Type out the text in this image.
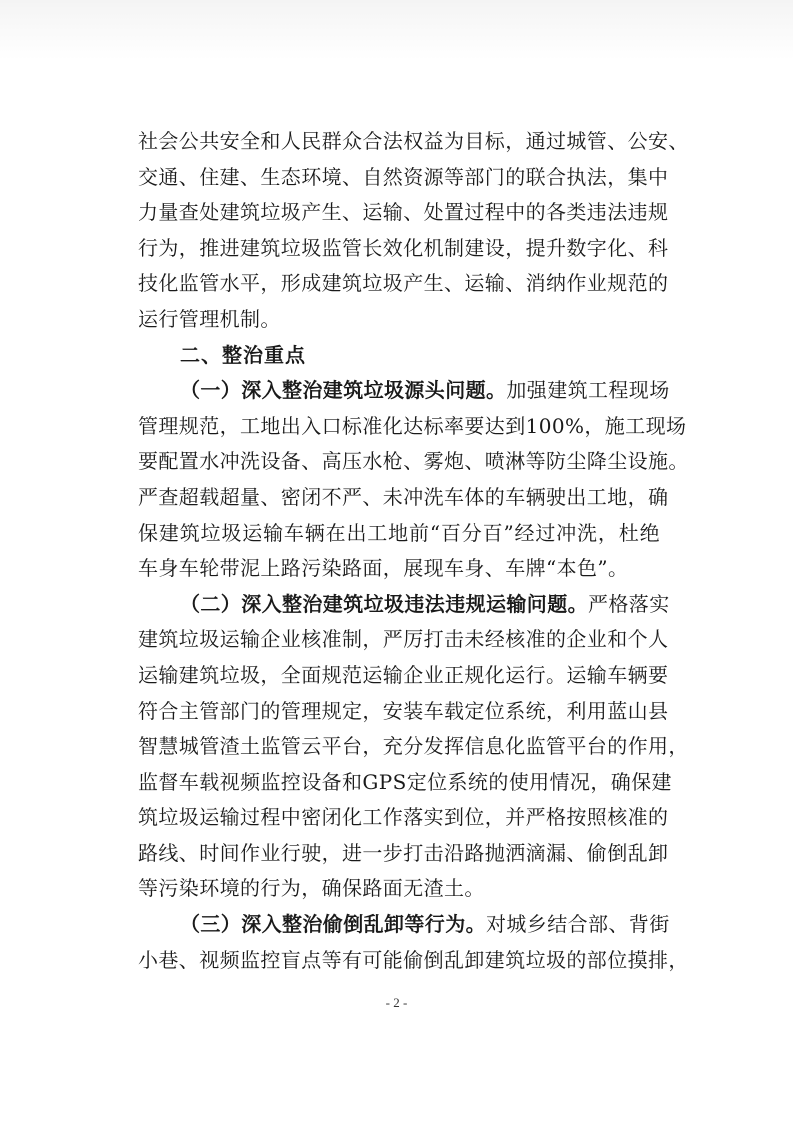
社会公共安全和人民群众合法权益为目标，通过城管、公安、
交通、住建、生态环境、自然资源等部门的联合执法，集中
力量查处建筑垃圾产生、运输、处置过程中的各类违法违规
行为，推进建筑垃圾监管长效化机制建设，提升数字化、科
技化监管水平，形成建筑垃圾产生、运输、消纳作业规范的
运行管理机制。
二、整治重点
（一）深入整治建筑垃圾源头问题。加强建筑工程现场
管理规范，工地出入口标准化达标率要达到100%，施工现场
要配置水冲洗设备、高压水枪、雾炮、喷淋等防尘降尘设施。
严查超载超量、密闭不严、未冲洗车体的车辆驶出工地，确
保建筑垃圾运输车辆在出工地前“百分百”经过冲洗，杜绝
车身车轮带泥上路污染路面，展现车身、车牌“本色”。
（二）深入整治建筑垃圾违法违规运输问题。严格落实
建筑垃圾运输企业核准制，严厉打击未经核准的企业和个人
运输建筑垃圾，全面规范运输企业正规化运行。运输车辆要
符合主管部门的管理规定，安装车载定位系统，利用蓝山县
智慧城管渣土监管云平台，充分发挥信息化监管平台的作用，
监督车载视频监控设备和GPS定位系统的使用情况，确保建
筑垃圾运输过程中密闭化工作落实到位，并严格按照核准的
路线、时间作业行驶，进一步打击沿路抛洒滴漏、偷倒乱卸
等污染环境的行为，确保路面无渣土。
（三）深入整治偷倒乱卸等行为。对城乡结合部、背街
小巷、视频监控盲点等有可能偷倒乱卸建筑垃圾的部位摸排，
- 2 -
